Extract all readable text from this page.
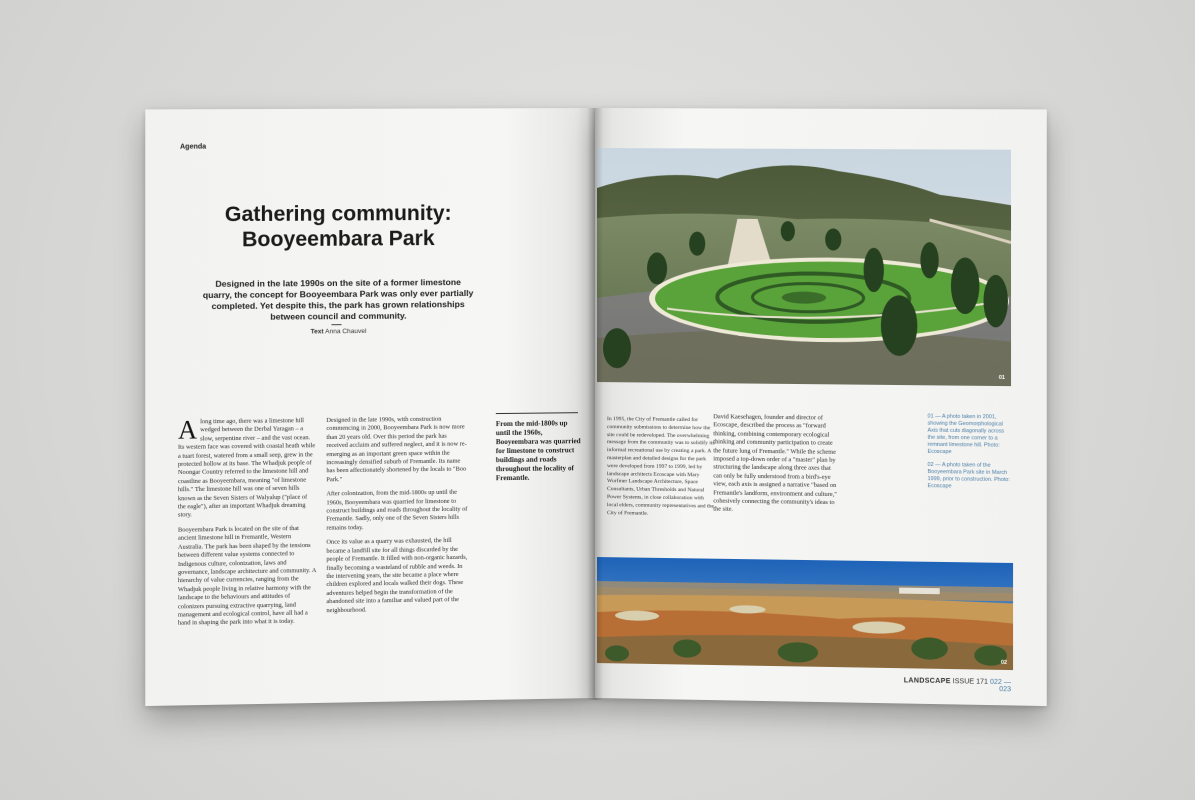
Agenda
Gathering community:
Booyeembara Park
Designed in the late 1990s on the site of a former limestone quarry, the concept for Booyeembara Park was only ever partially completed. Yet despite this, the park has grown relationships between council and community.
Text Anna Chauvel

Along time ago, there was a limestone hill wedged between the Derbal Yaragan – a slow, serpentine river – and the vast ocean. Its western face was covered with coastal heath while a tuart forest, watered from a small seep, grew in the protected hollow at its base. The Whadjuk people of Noongar Country referred to the limestone hill and coastline as Booyeembara, meaning "of limestone hills." The limestone hill was one of seven hills known as the Seven Sisters of Walyalup ("place of the eagle"), after an important Whadjuk dreaming story.

Booyeembara Park is located on the site of that ancient limestone hill in Fremantle, Western Australia. The park has been shaped by the tensions between different value systems connected to Indigenous culture, colonization, laws and governance, landscape architecture and community. A hierarchy of value currencies, ranging from the Whadjuk people living in relative harmony with the landscape to the behaviours and attitudes of colonizers pursuing extractive quarrying, land management and ecological control, have all had a hand in shaping the park into what it is today.

Designed in the late 1990s, with construction commencing in 2000, Booyeembara Park is now more than 20 years old. Over this period the park has received acclaim and suffered neglect, and it is now re-emerging as an important green space within the increasingly densified suburb of Fremantle. Its name has been affectionately shortened by the locals to "Boo Park."

After colonization, from the mid-1800s up until the 1960s, Booyeembara was quarried for limestone to construct buildings and roads throughout the locality of Fremantle. Sadly, only one of the Seven Sisters hills remains today.

Once its value as a quarry was exhausted, the hill became a landfill site for all things discarded by the people of Fremantle. It filled with non-organic hazards, finally becoming a wasteland of rubble and weeds. In the intervening years, the site became a place where children explored and locals walked their dogs. These adventures helped begin the transformation of the abandoned site into a familiar and valued part of the neighbourhood.

From the mid-1800s up until the 1960s, Booyeembara was quarried for limestone to construct buildings and roads throughout the locality of Fremantle.
01
In 1995, the City of Fremantle called for community submissions to determine how the site could be redeveloped. The overwhelming message from the community was to solidify its informal recreational use by creating a park. A masterplan and detailed designs for the park were developed from 1997 to 1999, led by landscape architects Ecoscape with Mary Wurfmer Landscape Architecture, Space Consultants, Urban Thresholds and Natural Power Systems, in close collaboration with local elders, community representatives and the City of Fremantle.
David Kaesehagen, founder and director of Ecoscape, described the process as "forward thinking, combining contemporary ecological thinking and community participation to create the future lung of Fremantle." While the scheme imposed a top-down order of a "master" plan by structuring the landscape along three axes that can only be fully understood from a bird's-eye view, each axis is assigned a narrative "based on Fremantle's landform, environment and culture," cohesively connecting the community's ideas to the site.

01 — A photo taken in 2001, showing the Geomorphological Axis that cuts diagonally across the site, from one corner to a remnant limestone hill. Photo: Ecoscape

02 — A photo taken of the Booyeembara Park site in March 1999, prior to construction. Photo: Ecoscape

02
LANDSCAPE ISSUE 171 022 — 023
